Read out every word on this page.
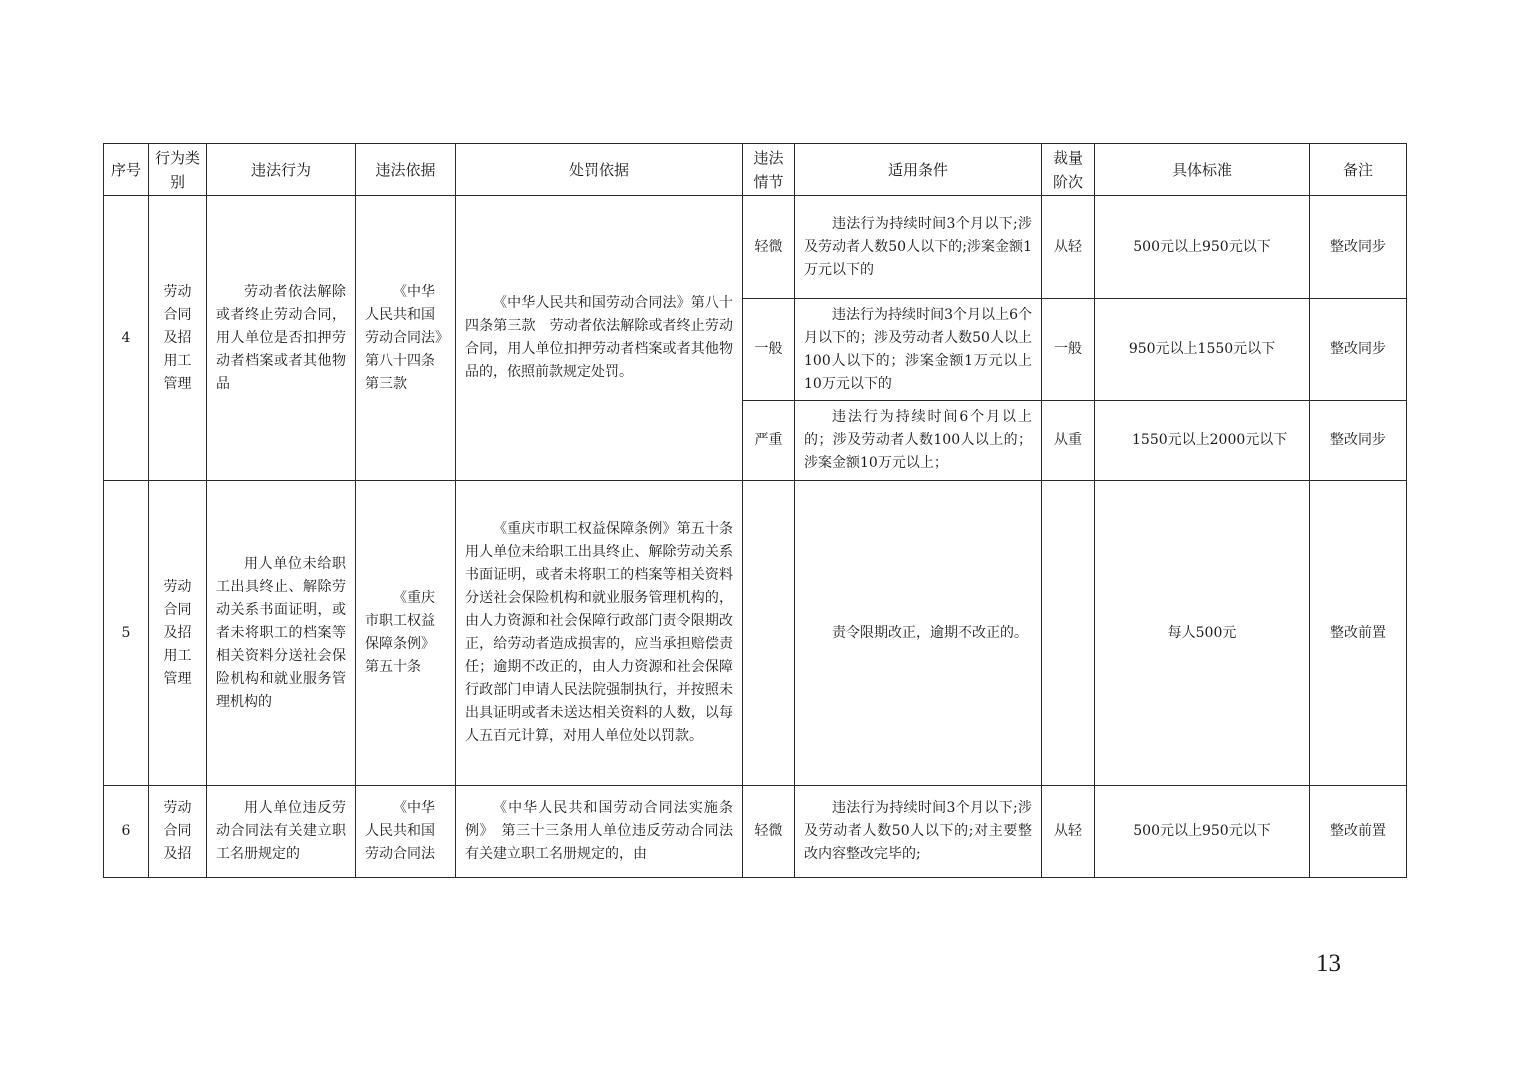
序号	行为类别	违法行为	违法依据	处罚依据	违法情节	适用条件	裁量阶次	具体标准	备注
4	劳动合同及招用工管理	劳动者依法解除或者终止劳动合同，用人单位是否扣押劳动者档案或者其他物品	《中华人民共和国劳动合同法》第八十四条第三款	《中华人民共和国劳动合同法》第八十四条第三款　劳动者依法解除或者终止劳动合同，用人单位扣押劳动者档案或者其他物品的，依照前款规定处罚。	轻微	违法行为持续时间3个月以下;涉及劳动者人数50人以下的;涉案金额1万元以下的	从轻	500元以上950元以下	整改同步
					一般	违法行为持续时间3个月以上6个月以下的；涉及劳动者人数50人以上100人以下的；涉案金额1万元以上10万元以下的	一般	950元以上1550元以下	整改同步
					严重	违法行为持续时间6个月以上的；涉及劳动者人数100人以上的；涉案金额10万元以上；	从重	1550元以上2000元以下	整改同步
5	劳动合同及招用工管理	用人单位未给职工出具终止、解除劳动关系书面证明，或者未将职工的档案等相关资料分送社会保险机构和就业服务管理机构的	《重庆市职工权益保障条例》第五十条	《重庆市职工权益保障条例》第五十条　用人单位未给职工出具终止、解除劳动关系书面证明，或者未将职工的档案等相关资料分送社会保险机构和就业服务管理机构的，由人力资源和社会保障行政部门责令限期改正，给劳动者造成损害的，应当承担赔偿责任；逾期不改正的，由人力资源和社会保障行政部门申请人民法院强制执行，并按照未出具证明或者未送达相关资料的人数，以每人五百元计算，对用人单位处以罚款。		责令限期改正，逾期不改正的。		每人500元	整改前置
6	劳动合同及招	用人单位违反劳动合同法有关建立职工名册规定的	《中华人民共和国劳动合同法	《中华人民共和国劳动合同法实施条例》　第三十三条用人单位违反劳动合同法有关建立职工名册规定的，由	轻微	违法行为持续时间3个月以下;涉及劳动者人数50人以下的;对主要整改内容整改完毕的;	从轻	500元以上950元以下	整改前置
13
